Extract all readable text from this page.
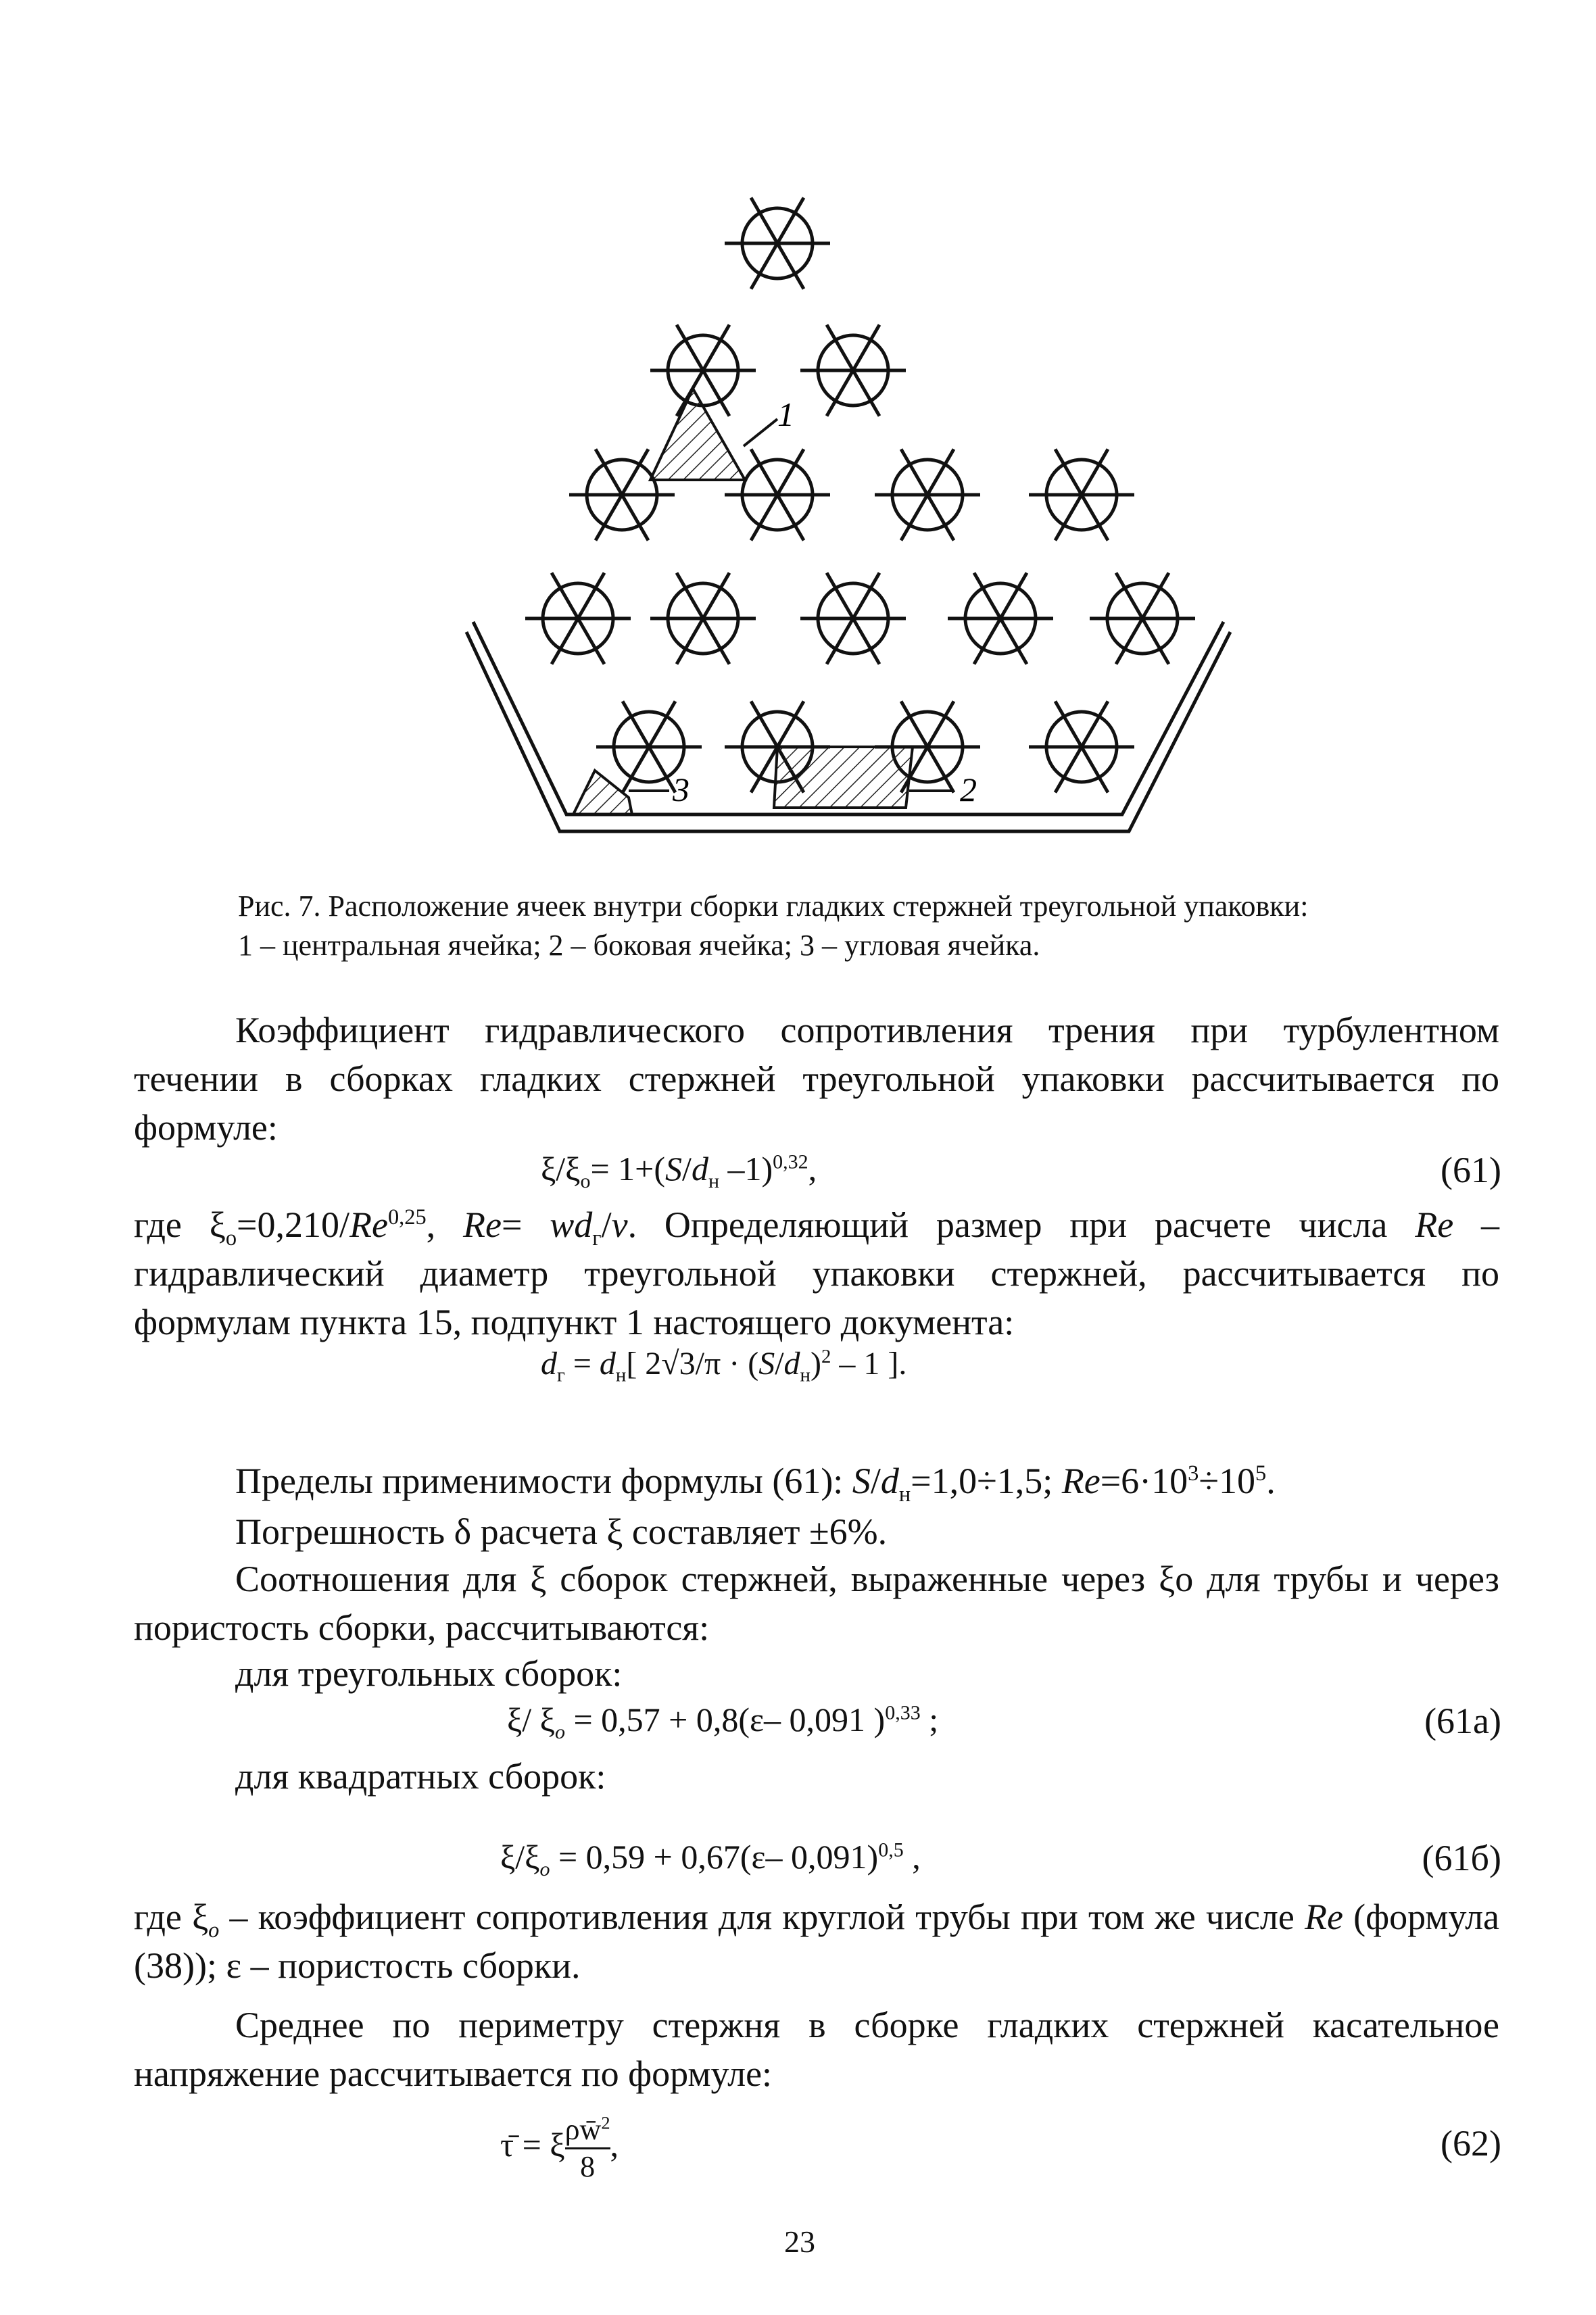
1
3	2
Рис. 7. Расположение ячеек внутри сборки гладких стержней треугольной упаковки:
1 – центральная ячейка; 2 – боковая ячейка; 3 – угловая ячейка.
Коэффициент гидравлического сопротивления трения при турбулентном течении в сборках гладких стержней треугольной упаковки рассчитывается по формуле:
$\xi/\xi_о= 1+(S/d_н$ –1)$^{0,32}$,	(61)
где $\xi_о=0,210/Re^{0,25}$, $Re= wd_г/\nu$. Определяющий размер при расчете числа Re – гидравлический диаметр треугольной упаковки стержней, рассчитывается по формулам пункта 15, подпункт 1 настоящего документа:
$d_г = d_н$[ $2√3/\pi \cdot (S/d_н)^2 - 1$ ].
Пределы применимости формулы (61): $S/d_н=1,0\div 1,5$; $Re=6\cdot 10^3\div 10^5$.
Погрешность δ расчета ξ составляет ±6%.
Соотношения для ξ сборок стержней, выраженные через ξо для трубы и через пористость сборки, рассчитываются:
для треугольных сборок:
ξ/ $\xi_о = 0,57 + 0,8(\varepsilon-$ 0,091 )$^{0,33}$ ;	(61а)
для квадратных сборок:
$\xi/\xi_о = 0,59 + 0,67(\varepsilon-$ 0,091)$^{0,5}$ ,	(61б)
где $\xi_о$ – коэффициент сопротивления для круглой трубы при том же числе Re (формула (38)); ε – пористость сборки.
Среднее по периметру стержня в сборке гладких стержней касательное напряжение рассчитывается по формуле:
τ̄ = ξ $\frac{\rho w̄^2}{8}$ ,	(62)
23
